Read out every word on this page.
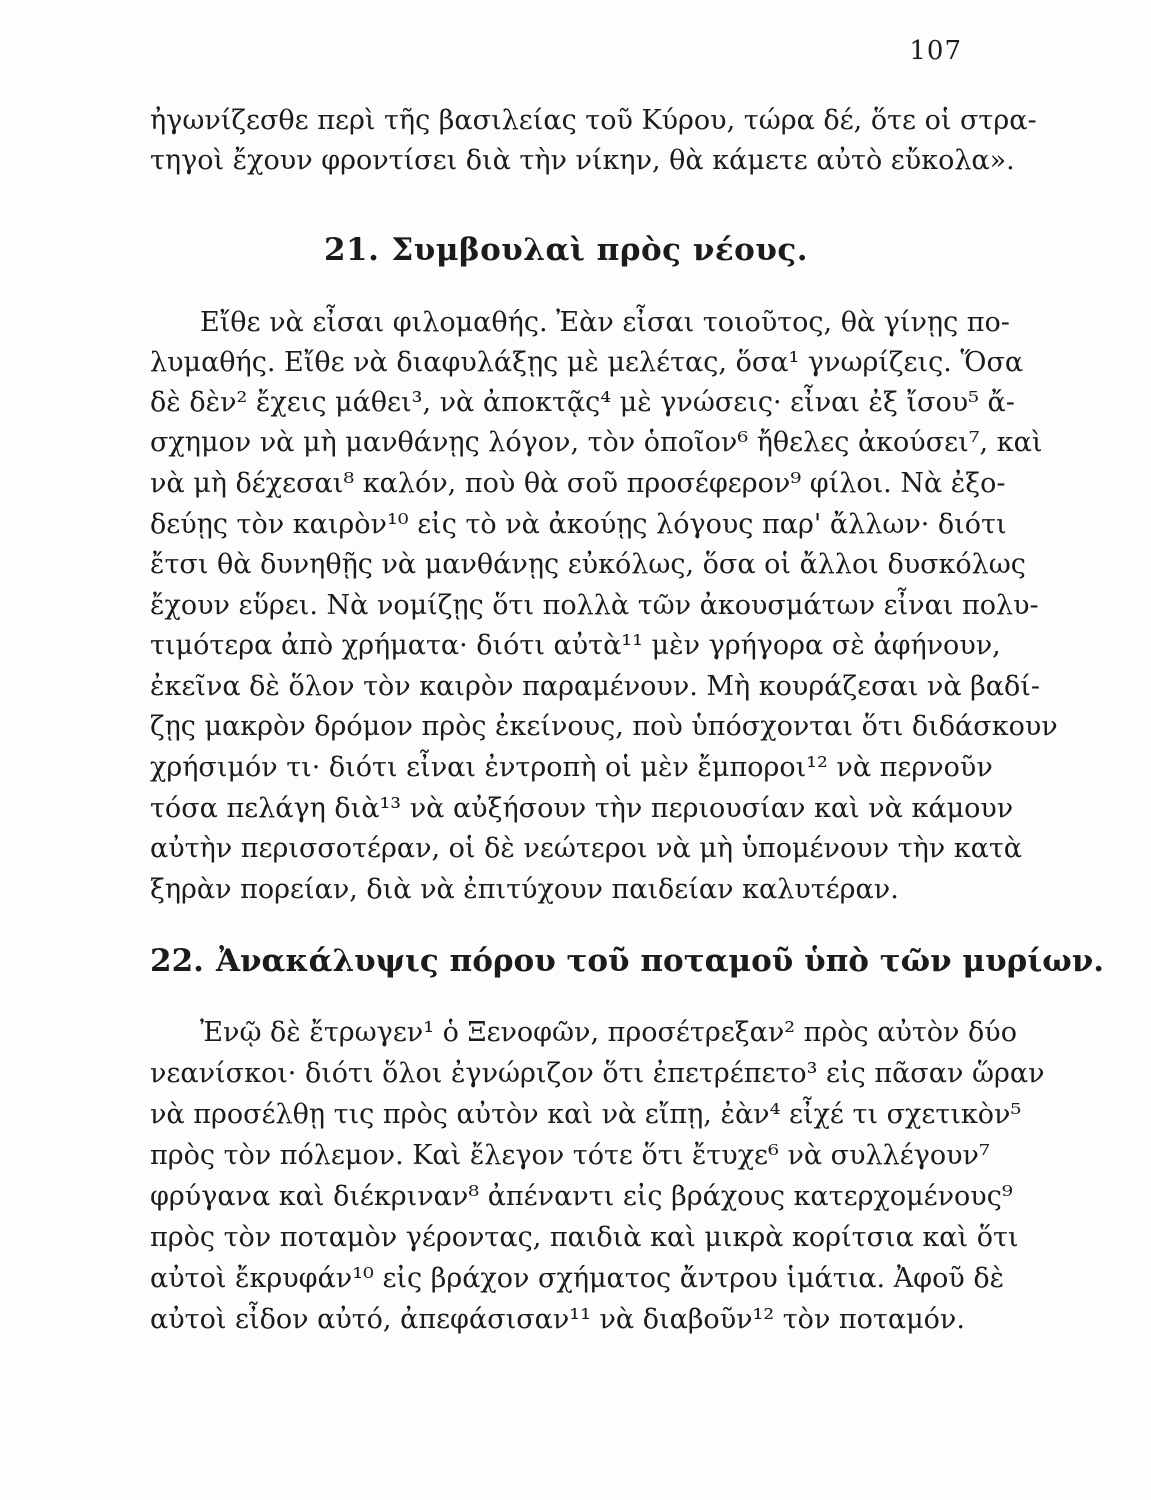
107
ἠγωνίζεσθε περὶ τῆς βασιλείας τοῦ Κύρου, τώρα δέ, ὅτε οἱ στρα-
τηγοὶ ἔχουν φροντίσει διὰ τὴν νίκην, θὰ κάμετε αὐτὸ εὔκολα».
21. Συμβουλαὶ πρὸς νέους.
Εἴθε νὰ εἶσαι φιλομαθής. Ἐὰν εἶσαι τοιοῦτος, θὰ γίνῃς πο-
λυμαθής. Εἴθε νὰ διαφυλάξῃς μὲ μελέτας, ὅσα¹ γνωρίζεις. Ὅσα
δὲ δὲν² ἔχεις μάθει³, νὰ ἀποκτᾷς⁴ μὲ γνώσεις· εἶναι ἐξ ἴσου⁵ ἄ-
σχημον νὰ μὴ μανθάνῃς λόγον, τὸν ὁποῖον⁶ ἤθελες ἀκούσει⁷, καὶ
νὰ μὴ δέχεσαι⁸ καλόν, ποὺ θὰ σοῦ προσέφερον⁹ φίλοι. Νὰ ἐξο-
δεύῃς τὸν καιρὸν¹⁰ εἰς τὸ νὰ ἀκούῃς λόγους παρ' ἄλλων· διότι
ἔτσι θὰ δυνηθῇς νὰ μανθάνῃς εὐκόλως, ὅσα οἱ ἄλλοι δυσκόλως
ἔχουν εὕρει. Νὰ νομίζῃς ὅτι πολλὰ τῶν ἀκουσμάτων εἶναι πολυ-
τιμότερα ἀπὸ χρήματα· διότι αὐτὰ¹¹ μὲν γρήγορα σὲ ἀφήνουν,
ἐκεῖνα δὲ ὅλον τὸν καιρὸν παραμένουν. Μὴ κουράζεσαι νὰ βαδί-
ζῃς μακρὸν δρόμον πρὸς ἐκείνους, ποὺ ὑπόσχονται ὅτι διδάσκουν
χρήσιμόν τι· διότι εἶναι ἐντροπὴ οἱ μὲν ἔμποροι¹² νὰ περνοῦν
τόσα πελάγη διὰ¹³ νὰ αὐξήσουν τὴν περιουσίαν καὶ νὰ κάμουν
αὐτὴν περισσοτέραν, οἱ δὲ νεώτεροι νὰ μὴ ὑπομένουν τὴν κατὰ
ξηρὰν πορείαν, διὰ νὰ ἐπιτύχουν παιδείαν καλυτέραν.
22. Ἀνακάλυψις πόρου τοῦ ποταμοῦ ὑπὸ τῶν μυρίων.
Ἐνῷ δὲ ἔτρωγεν¹ ὁ Ξενοφῶν, προσέτρεξαν² πρὸς αὐτὸν δύο
νεανίσκοι· διότι ὅλοι ἐγνώριζον ὅτι ἐπετρέπετο³ εἰς πᾶσαν ὥραν
νὰ προσέλθῃ τις πρὸς αὐτὸν καὶ νὰ εἴπῃ, ἐὰν⁴ εἶχέ τι σχετικὸν⁵
πρὸς τὸν πόλεμον. Καὶ ἔλεγον τότε ὅτι ἔτυχε⁶ νὰ συλλέγουν⁷
φρύγανα καὶ διέκριναν⁸ ἀπέναντι εἰς βράχους κατερχομένους⁹
πρὸς τὸν ποταμὸν γέροντας, παιδιὰ καὶ μικρὰ κορίτσια καὶ ὅτι
αὐτοὶ ἔκρυφάν¹⁰ εἰς βράχον σχήματος ἄντρου ἱμάτια. Ἀφοῦ δὲ
αὐτοὶ εἶδον αὐτό, ἀπεφάσισαν¹¹ νὰ διαβοῦν¹² τὸν ποταμόν.
